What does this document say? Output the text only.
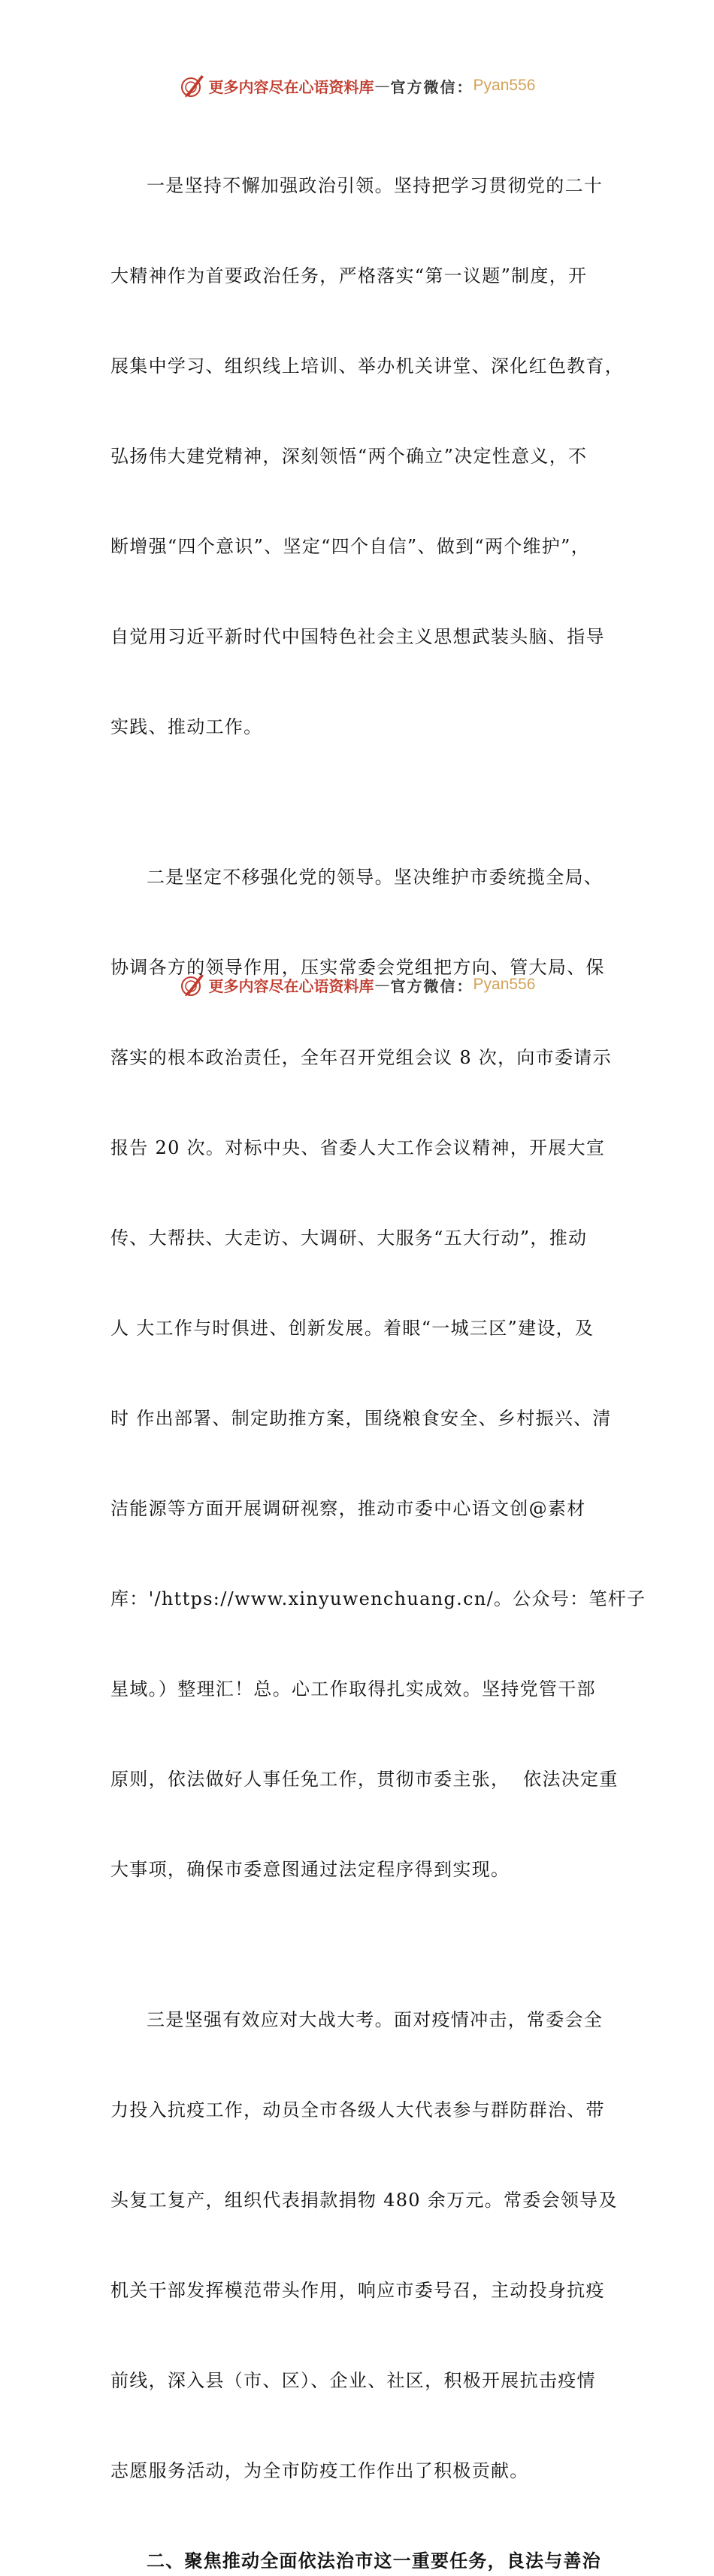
更多内容尽在心语资料库 — 官方微信： Pyan556

一是坚持不懈加强政治引领。坚持把学习贯彻党的二十

大精神作为首要政治任务，严格落实“第一议题”制度，开

展集中学习、组织线上培训、举办机关讲堂、深化红色教育，

弘扬伟大建党精神，深刻领悟“两个确立”决定性意义，不

断增强“四个意识”、坚定“四个自信”、做到“两个维护”，

自觉用习近平新时代中国特色社会主义思想武装头脑、指导

实践、推动工作。

二是坚定不移强化党的领导。坚决维护市委统揽全局、

协调各方的领导作用，压实常委会党组把方向、管大局、保

落实的根本政治责任，全年召开党组会议 8 次，向市委请示

报告 20 次。对标中央、省委人大工作会议精神，开展大宣

传、大帮扶、大走访、大调研、大服务“五大行动”，推动

人 大工作与时俱进、创新发展。着眼“一城三区”建设，及

时 作出部署、制定助推方案，围绕粮食安全、乡村振兴、清

洁能源等方面开展调研视察，推动市委中心语文创@素材

库：'/https://www.xinyuwenchuang.cn/。公众号：笔杆子

星域。）整理汇！总。心工作取得扎实成效。坚持党管干部

原则，依法做好人事任免工作，贯彻市委主张，  依法决定重

大事项，确保市委意图通过法定程序得到实现。

三是坚强有效应对大战大考。面对疫情冲击，常委会全

力投入抗疫工作，动员全市各级人大代表参与群防群治、带

头复工复产，组织代表捐款捐物 480 余万元。常委会领导及

机关干部发挥模范带头作用，响应市委号召，主动投身抗疫

前线，深入县（市、区）、企业、社区，积极开展抗击疫情

志愿服务活动，为全市防疫工作作出了积极贡献。

二、聚焦推动全面依法治市这一重要任务，良法与善治
更多内容尽在心语资料库 — 官方微信： Pyan556
